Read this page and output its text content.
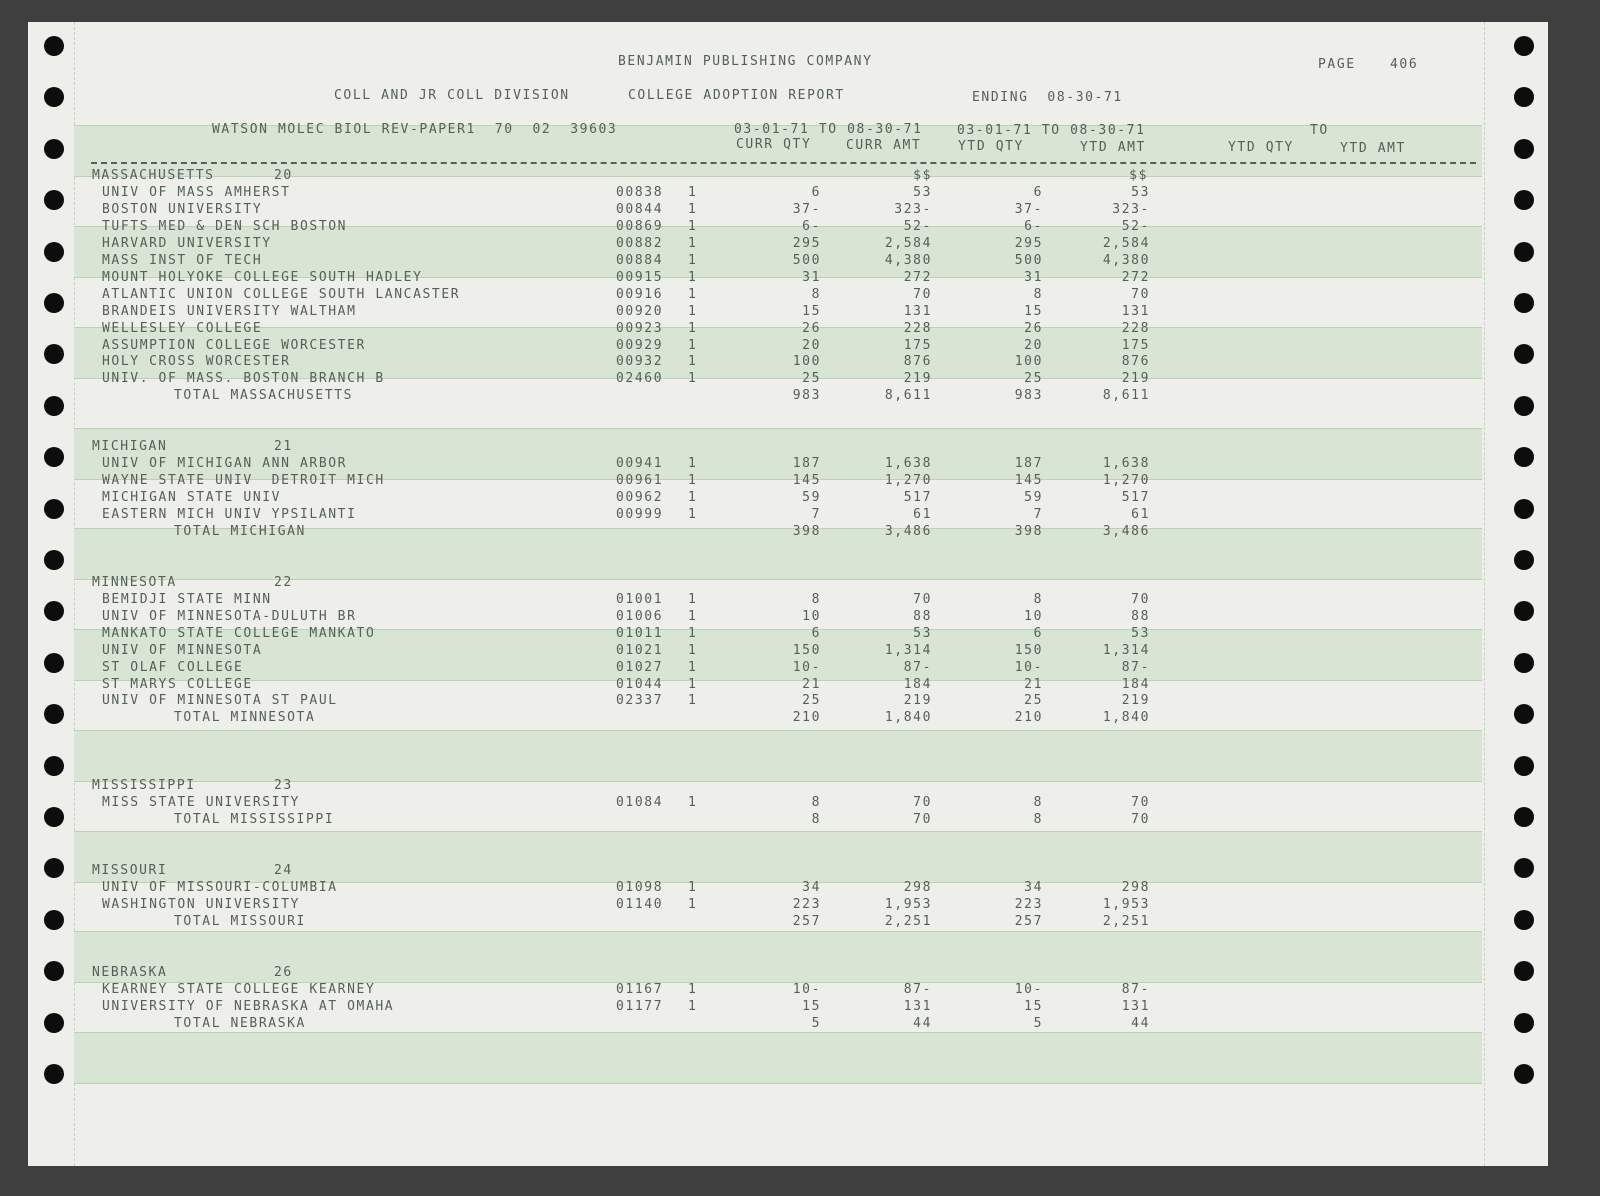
BENJAMIN PUBLISHING COMPANY	PAGE	406
COLL AND JR COLL DIVISION	COLLEGE ADOPTION REPORT	ENDING  08-30-71
WATSON MOLEC BIOL REV-PAPER1  70  02  39603	03-01-71 TO 08-30-71	03-01-71 TO 08-30-71	TO
CURR QTY	CURR AMT	YTD QTY	YTD AMT	YTD QTY	YTD AMT
MASSACHUSETTS	20	$$	$$
UNIV OF MASS AMHERST	00838 1	6	53	6	53
BOSTON UNIVERSITY	00844 1	37-	323-	37-	323-
TUFTS MED & DEN SCH BOSTON	00869 1	6-	52-	6-	52-
HARVARD UNIVERSITY	00882 1	295	2,584	295	2,584
MASS INST OF TECH	00884 1	500	4,380	500	4,380
MOUNT HOLYOKE COLLEGE SOUTH HADLEY	00915 1	31	272	31	272
ATLANTIC UNION COLLEGE SOUTH LANCASTER	00916 1	8	70	8	70
BRANDEIS UNIVERSITY WALTHAM	00920 1	15	131	15	131
WELLESLEY COLLEGE	00923 1	26	228	26	228
ASSUMPTION COLLEGE WORCESTER	00929 1	20	175	20	175
HOLY CROSS WORCESTER	00932 1	100	876	100	876
UNIV. OF MASS. BOSTON BRANCH B	02460 1	25	219	25	219
TOTAL MASSACHUSETTS	983	8,611	983	8,611
MICHIGAN	21
UNIV OF MICHIGAN ANN ARBOR	00941 1	187	1,638	187	1,638
WAYNE STATE UNIV  DETROIT MICH	00961 1	145	1,270	145	1,270
MICHIGAN STATE UNIV	00962 1	59	517	59	517
EASTERN MICH UNIV YPSILANTI	00999 1	7	61	7	61
TOTAL MICHIGAN	398	3,486	398	3,486
MINNESOTA	22
BEMIDJI STATE MINN	01001 1	8	70	8	70
UNIV OF MINNESOTA-DULUTH BR	01006 1	10	88	10	88
MANKATO STATE COLLEGE MANKATO	01011 1	6	53	6	53
UNIV OF MINNESOTA	01021 1	150	1,314	150	1,314
ST OLAF COLLEGE	01027 1	10-	87-	10-	87-
ST MARYS COLLEGE	01044 1	21	184	21	184
UNIV OF MINNESOTA ST PAUL	02337 1	25	219	25	219
TOTAL MINNESOTA	210	1,840	210	1,840
MISSISSIPPI	23
MISS STATE UNIVERSITY	01084 1	8	70	8	70
TOTAL MISSISSIPPI	8	70	8	70
MISSOURI	24
UNIV OF MISSOURI-COLUMBIA	01098 1	34	298	34	298
WASHINGTON UNIVERSITY	01140 1	223	1,953	223	1,953
TOTAL MISSOURI	257	2,251	257	2,251
NEBRASKA	26
KEARNEY STATE COLLEGE KEARNEY	01167 1	10-	87-	10-	87-
UNIVERSITY OF NEBRASKA AT OMAHA	01177 1	15	131	15	131
TOTAL NEBRASKA	5	44	5	44
